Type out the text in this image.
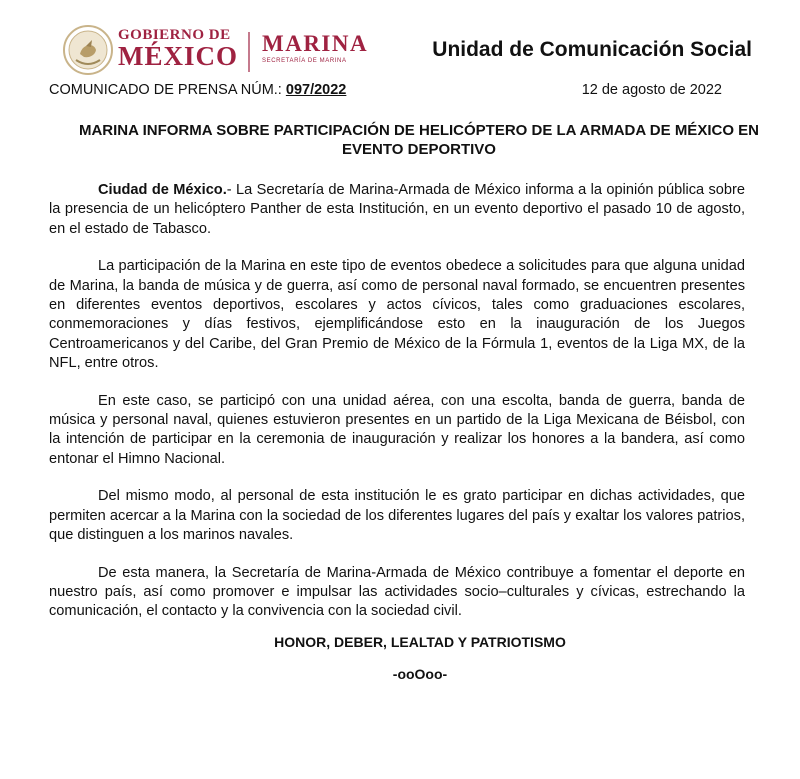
GOBIERNO DE
MÉXICO MARINA
SECRETARÍA DE MARINA	Unidad de Comunicación Social
COMUNICADO DE PRENSA NÚM.: 097/2022	12 de agosto de 2022
MARINA INFORMA SOBRE PARTICIPACIÓN DE HELICÓPTERO DE LA ARMADA DE MÉXICO EN EVENTO DEPORTIVO

Ciudad de México.- La Secretaría de Marina-Armada de México informa a la opinión pública sobre la presencia de un helicóptero Panther de esta Institución, en un evento deportivo el pasado 10 de agosto, en el estado de Tabasco.

La participación de la Marina en este tipo de eventos obedece a solicitudes para que alguna unidad de Marina, la banda de música y de guerra, así como de personal naval formado, se encuentren presentes en diferentes eventos deportivos, escolares y actos cívicos, tales como graduaciones escolares, conmemoraciones y días festivos, ejemplificándose esto en la inauguración de los Juegos Centroamericanos y del Caribe, del Gran Premio de México de la Fórmula 1, eventos de la Liga MX, de la NFL, entre otros.

En este caso, se participó con una unidad aérea, con una escolta, banda de guerra, banda de música y personal naval, quienes estuvieron presentes en un partido de la Liga Mexicana de Béisbol, con la intención de participar en la ceremonia de inauguración y realizar los honores a la bandera, así como entonar el Himno Nacional.

Del mismo modo, al personal de esta institución le es grato participar en dichas actividades, que permiten acercar a la Marina con la sociedad de los diferentes lugares del país y exaltar los valores patrios, que distinguen a los marinos navales.

De esta manera, la Secretaría de Marina-Armada de México contribuye a fomentar el deporte en nuestro país, así como promover e impulsar las actividades socio–culturales y cívicas, estrechando la comunicación, el contacto y la convivencia con la sociedad civil.

HONOR, DEBER, LEALTAD Y PATRIOTISMO
-ooOoo-
